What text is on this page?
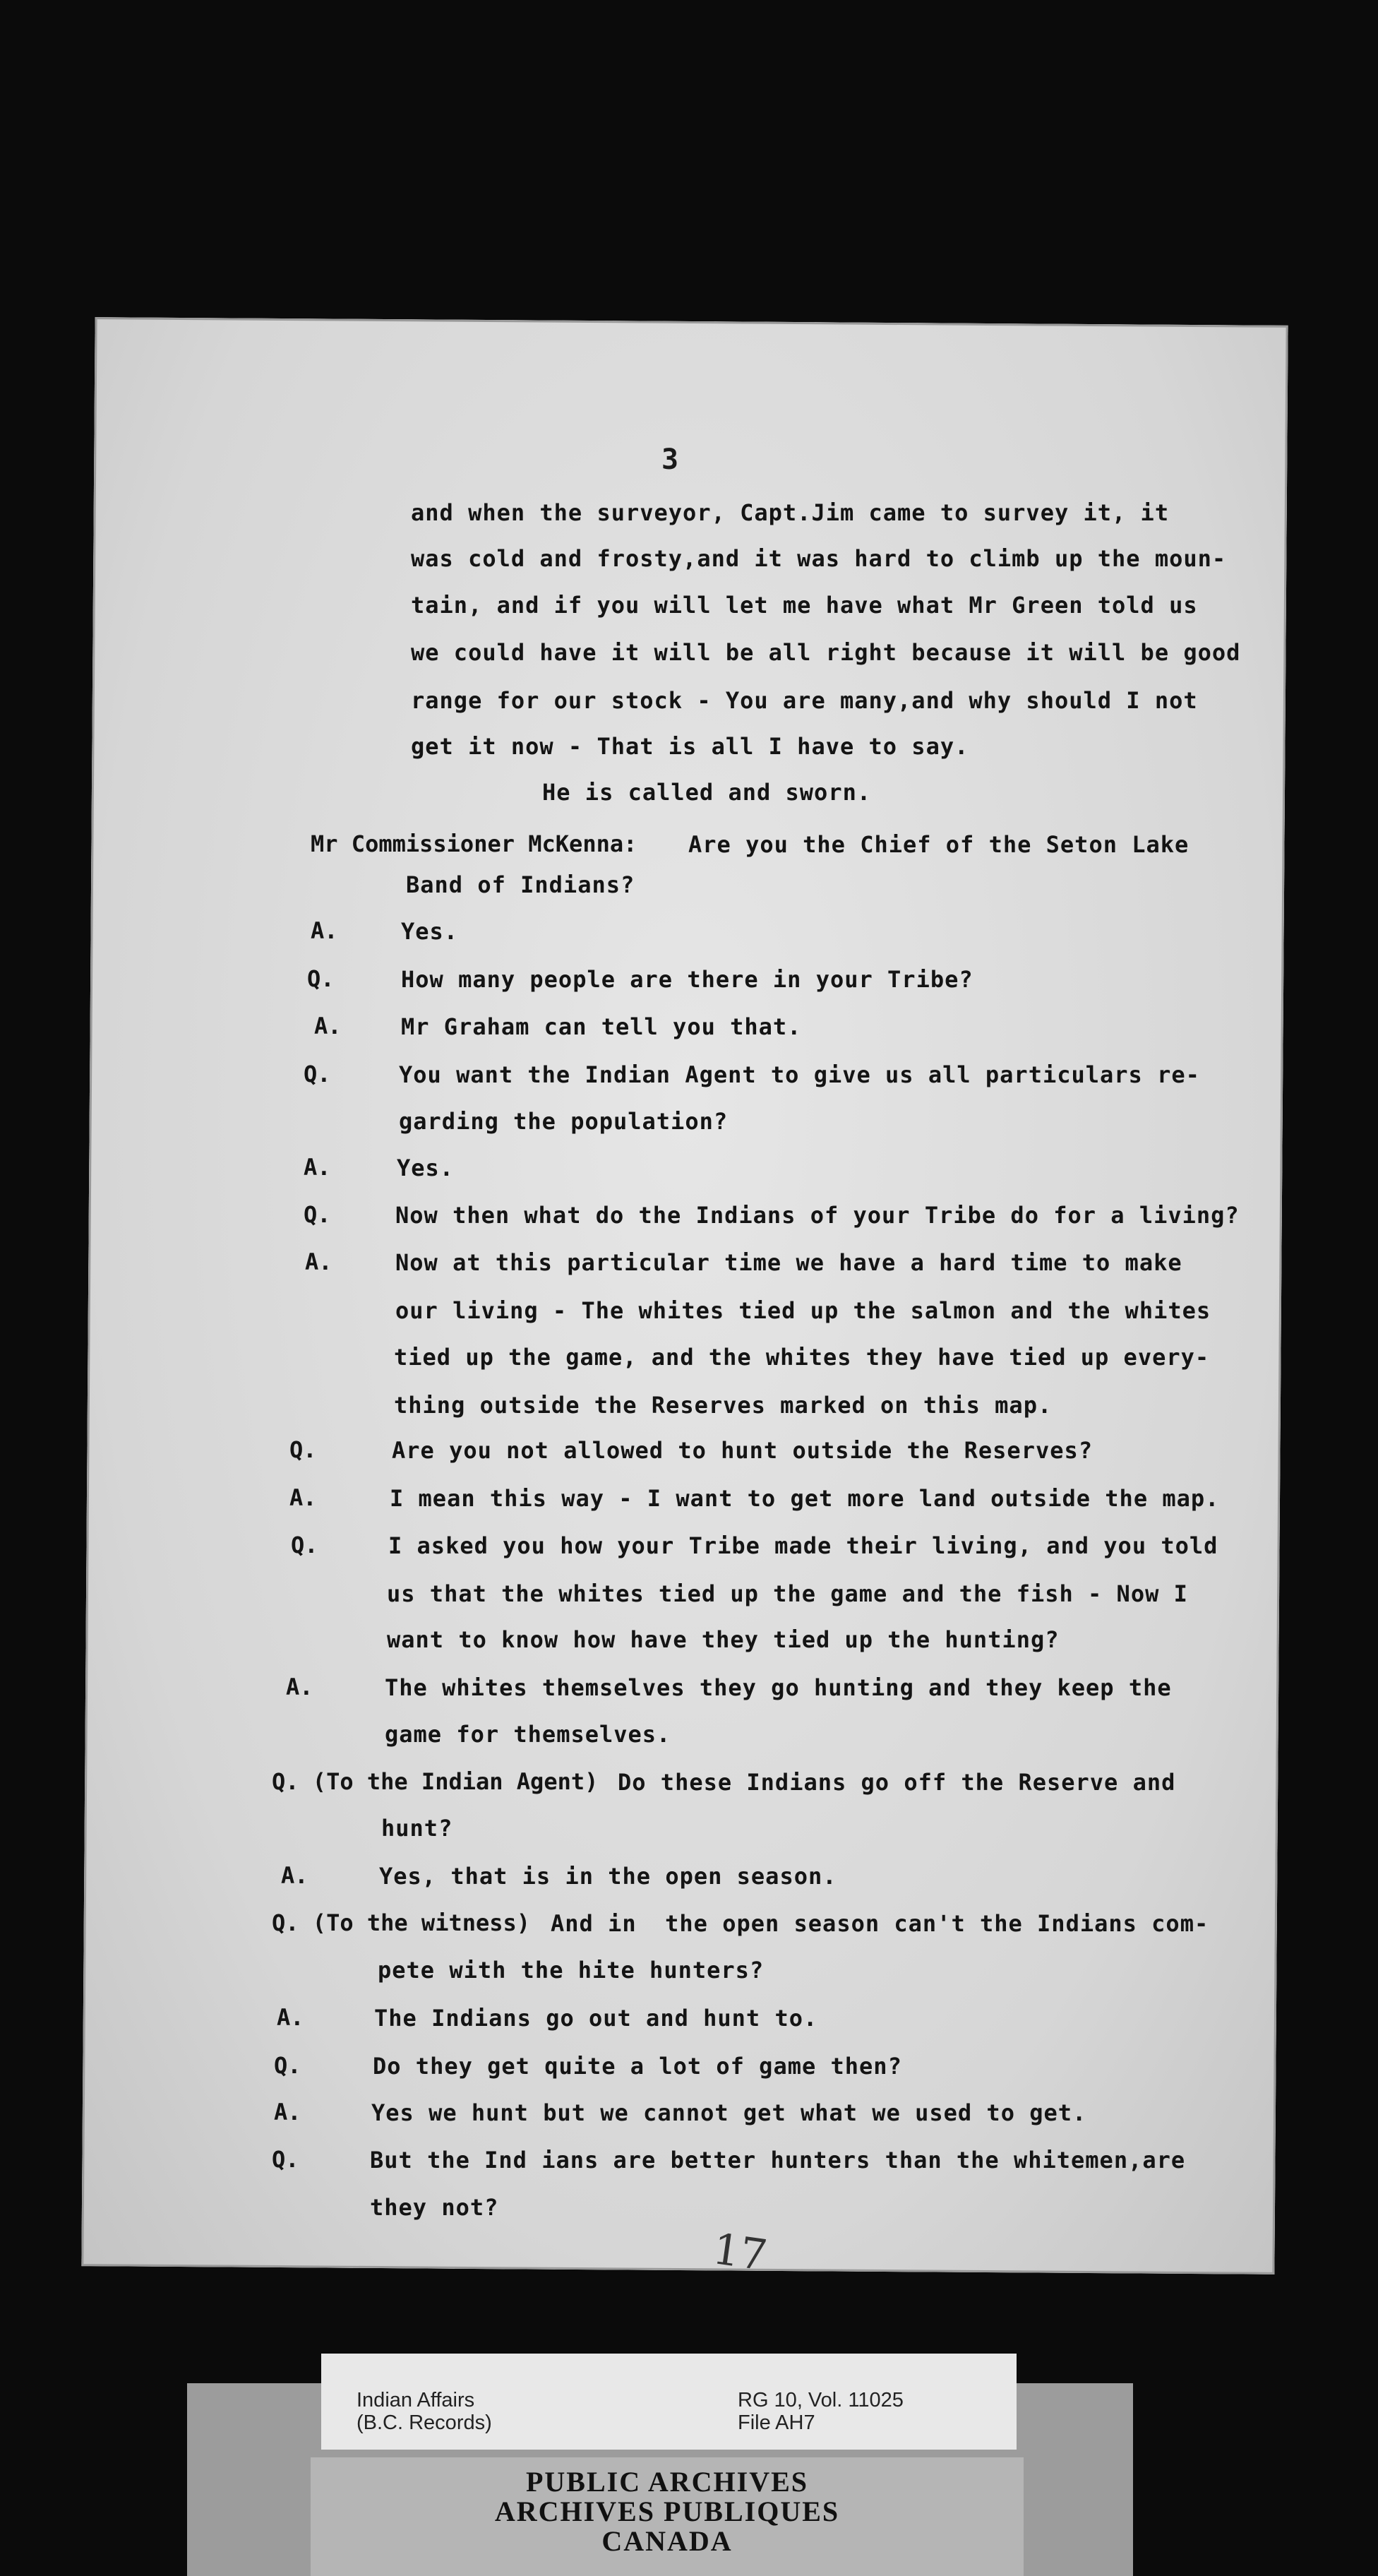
3
and when the surveyor, Capt.Jim came to survey it, it
was cold and frosty,and it was hard to climb up the moun-
tain, and if you will let me have what Mr Green told us
we could have it will be all right because it will be good
range for our stock - You are many,and why should I not
get it now - That is all I have to say.
He is called and sworn.
Mr Commissioner McKenna: Are you the Chief of the Seton Lake
Band of Indians?
A.	Yes.
Q.	How many people are there in your Tribe?
A.	Mr Graham can tell you that.
Q.	You want the Indian Agent to give us all particulars re-
garding the population?
A.	Yes.
Q.	Now then what do the Indians of your Tribe do for a living?
A.	Now at this particular time we have a hard time to make
our living - The whites tied up the salmon and the whites
tied up the game, and the whites they have tied up every-
thing outside the Reserves marked on this map.
Q.	Are you not allowed to hunt outside the Reserves?
A.	I mean this way - I want to get more land outside the map.
Q.	I asked you how your Tribe made their living, and you told
us that the whites tied up the game and the fish - Now I
want to know how have they tied up the hunting?
A.	The whites themselves they go hunting and they keep the
game for themselves.
Q. (To the Indian Agent) Do these Indians go off the Reserve and
hunt?
A.	Yes, that is in the open season.
Q. (To the witness) And in  the open season can't the Indians com-
pete with the hite hunters?
A.	The Indians go out and hunt to.
Q.	Do they get quite a lot of game then?
A.	Yes we hunt but we cannot get what we used to get.
Q.	But the Ind ians are better hunters than the whitemen,are
they not?
17
Indian Affairs
(B.C. Records)
RG 10, Vol. 11025
File AH7
PUBLIC ARCHIVES
ARCHIVES PUBLIQUES
CANADA
